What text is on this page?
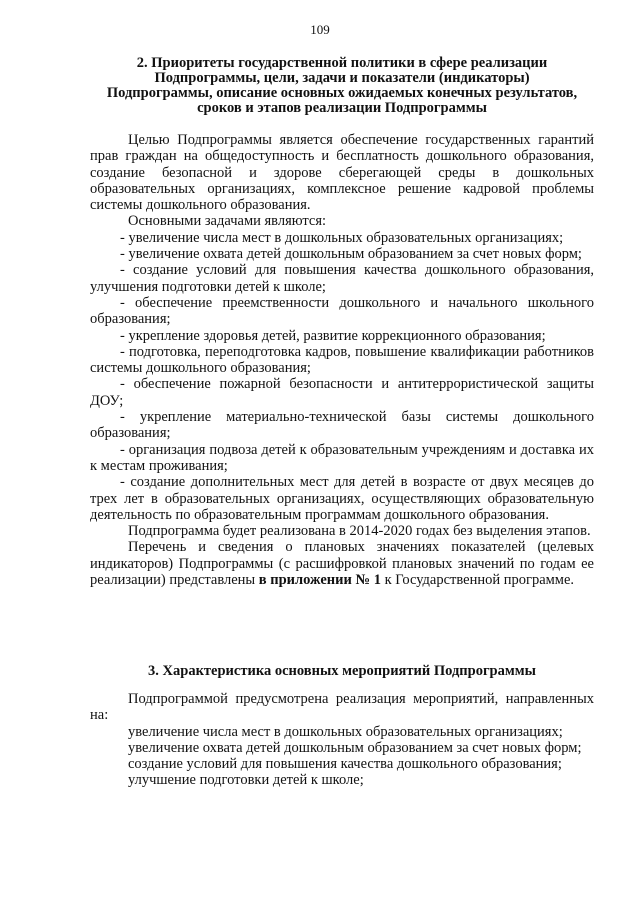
109

2. Приоритеты государственной политики в сфере реализации

Подпрограммы, цели, задачи и показатели (индикаторы)

Подпрограммы, описание основных ожидаемых конечных результатов,

сроков и этапов реализации Подпрограммы

Целью Подпрограммы является обеспечение государственных гарантий прав граждан на общедоступность и бесплатность дошкольного образования, создание безопасной и здорове сберегающей среды в дошкольных образовательных организациях, комплексное решение кадровой проблемы системы дошкольного образования.

Основными задачами являются:

- увеличение числа мест в дошкольных образовательных организациях;

- увеличение охвата детей дошкольным образованием за счет новых форм;

- создание условий для повышения качества дошкольного образования, улучшения подготовки детей к школе;

- обеспечение преемственности дошкольного и начального школьного образования;

- укрепление здоровья детей, развитие коррекционного образования;

- подготовка, переподготовка кадров, повышение квалификации работников системы дошкольного образования;

- обеспечение пожарной безопасности и антитеррористической защиты ДОУ;

- укрепление материально-технической базы системы дошкольного образования;

- организация подвоза детей к образовательным учреждениям и доставка их к местам проживания;

- создание дополнительных мест для детей в возрасте от двух месяцев до трех лет в образовательных организациях, осуществляющих образовательную деятельность по образовательным программам дошкольного образования.

Подпрограмма будет реализована в 2014-2020 годах без выделения этапов.

Перечень и сведения о плановых значениях показателей (целевых индикаторов) Подпрограммы (с расшифровкой плановых значений по годам ее реализации) представлены в приложении № 1 к Государственной программе.

3. Характеристика основных мероприятий Подпрограммы

Подпрограммой предусмотрена реализация мероприятий, направленных на:

увеличение числа мест в дошкольных образовательных организациях;

увеличение охвата детей дошкольным образованием за счет новых форм;

создание условий для повышения качества дошкольного образования;

улучшение подготовки детей к школе;
